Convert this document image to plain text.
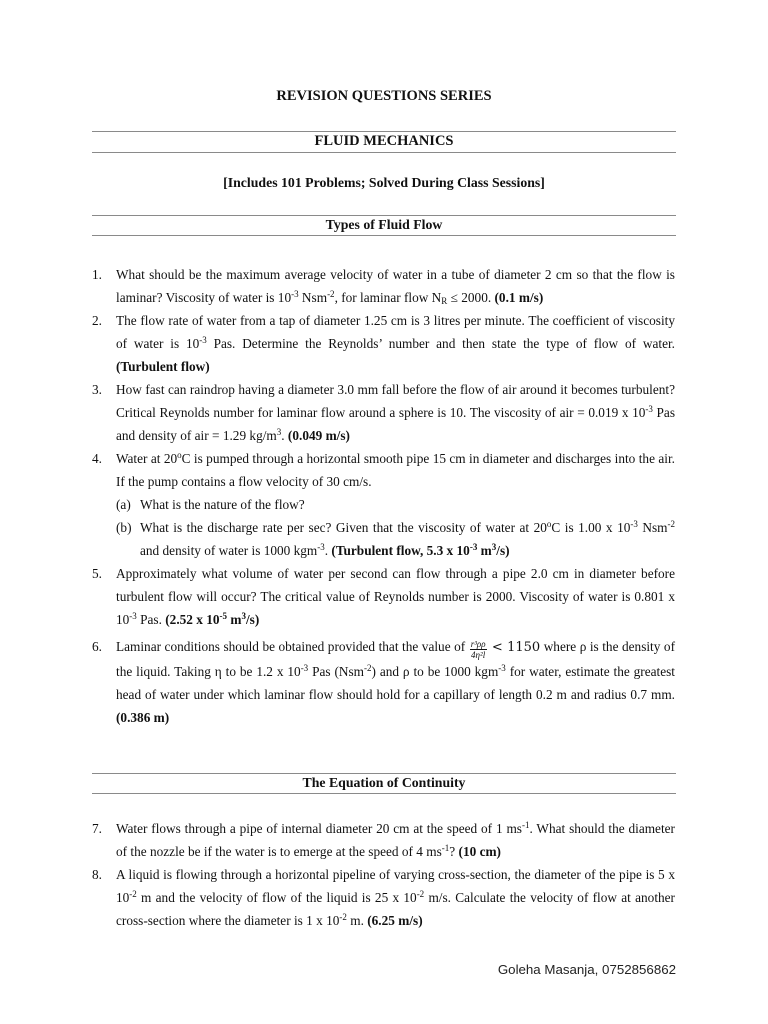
REVISION QUESTIONS SERIES
FLUID MECHANICS
[Includes 101 Problems; Solved During Class Sessions]
Types of Fluid Flow
1. What should be the maximum average velocity of water in a tube of diameter 2 cm so that the flow is laminar? Viscosity of water is $10^{-3}$ Nsm$^{-2}$, for laminar flow $N_R \le 2000$. (0.1 m/s)
2. The flow rate of water from a tap of diameter 1.25 cm is 3 litres per minute. The coefficient of viscosity of water is $10^{-3}$ Pas. Determine the Reynolds’ number and then state the type of flow of water. (Turbulent flow)
3. How fast can raindrop having a diameter 3.0 mm fall before the flow of air around it becomes turbulent? Critical Reynolds number for laminar flow around a sphere is 10. The viscosity of air = 0.019 x $10^{-3}$ Pas and density of air = 1.29 $kg/m^3$. (0.049 m/s)
4. Water at 20$^o$C is pumped through a horizontal smooth pipe 15 cm in diameter and discharges into the air. If the pump contains a flow velocity of 30 cm/s.
(a) What is the nature of the flow?
(b) What is the discharge rate per sec? Given that the viscosity of water at 20$^o$C is 1.00 x $10^{-3}$ Nsm$^{-2}$ and density of water is 1000 kgm$^{-3}$. (Turbulent flow, 5.3 x $10^{-3}$ $m^3/s$)
5. Approximately what volume of water per second can flow through a pipe 2.0 cm in diameter before turbulent flow will occur? The critical value of Reynolds number is 2000. Viscosity of water is 0.801 x $10^{-3}$ Pas. (2.52 x $10^{-5}$ $m^3/s$)
6. Laminar conditions should be obtained provided that the value of $\frac{\text{r³ρρ}}{\text{4η²l}} < 1150$ where ρ is the density of the liquid. Taking η to be 1.2 x $10^{-3}$ Pas (Nsm$^{-2}$) and ρ to be 1000 kgm$^{-3}$ for water, estimate the greatest head of water under which laminar flow should hold for a capillary of length 0.2 m and radius 0.7 mm. (0.386 m)
The Equation of Continuity
7. Water flows through a pipe of internal diameter 20 cm at the speed of 1 $ms^{-1}$. What should the diameter of the nozzle be if the water is to emerge at the speed of 4 $ms^{-1}$? (10 cm)
8. A liquid is flowing through a horizontal pipeline of varying cross-section, the diameter of the pipe is 5 x $10^{-2}$ m and the velocity of flow of the liquid is 25 x $10^{-2}$ m/s. Calculate the velocity of flow at another cross-section where the diameter is 1 x $10^{-2}$ m. (6.25 m/s)
Goleha Masanja, 0752856862
